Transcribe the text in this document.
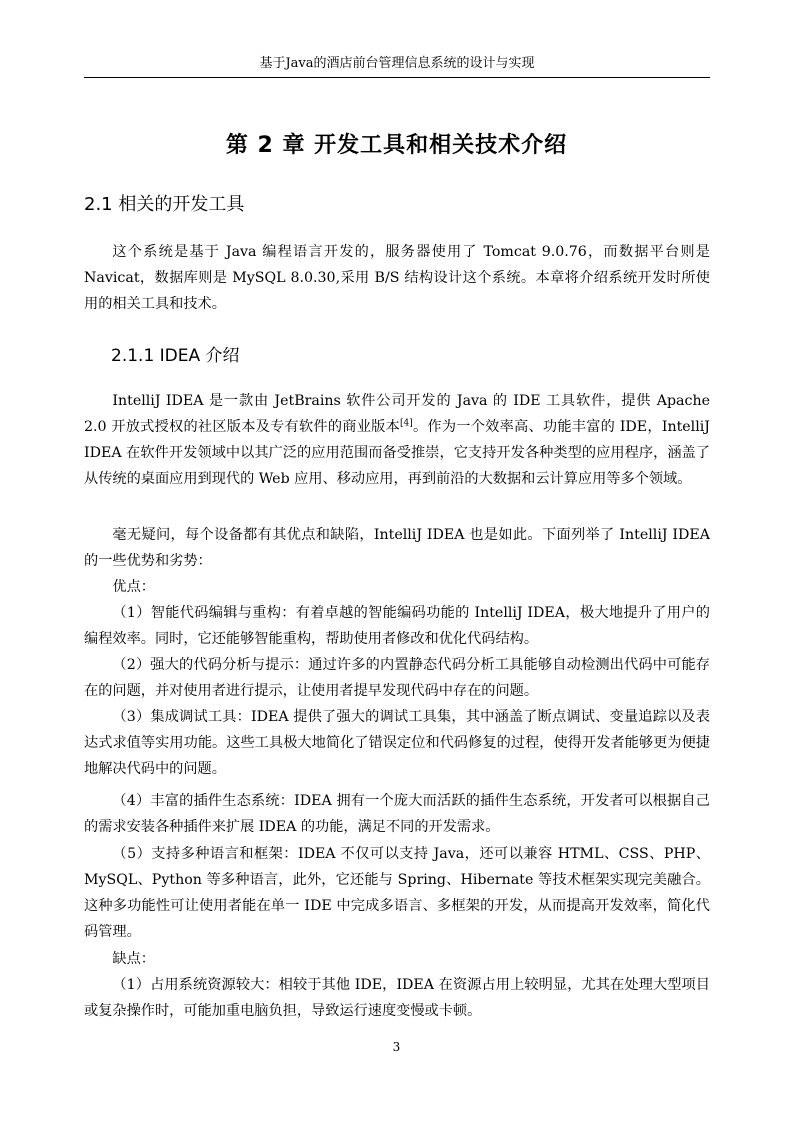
基于Java的酒店前台管理信息系统的设计与实现
第 2 章 开发工具和相关技术介绍
2.1 相关的开发工具

这个系统是基于 Java 编程语言开发的，服务器使用了 Tomcat 9.0.76，而数据平台则是 Navicat，数据库则是 MySQL 8.0.30,采用 B/S 结构设计这个系统。本章将介绍系统开发时所使用的相关工具和技术。

2.1.1 IDEA 介绍

IntelliJ IDEA 是一款由 JetBrains 软件公司开发的 Java 的 IDE 工具软件，提供 Apache 2.0 开放式授权的社区版本及专有软件的商业版本[4]。作为一个效率高、功能丰富的 IDE，IntelliJ IDEA 在软件开发领域中以其广泛的应用范围而备受推崇，它支持开发各种类型的应用程序，涵盖了从传统的桌面应用到现代的 Web 应用、移动应用，再到前沿的大数据和云计算应用等多个领域。

毫无疑问，每个设备都有其优点和缺陷，IntelliJ IDEA 也是如此。下面列举了 IntelliJ IDEA 的一些优势和劣势：

优点：

（1）智能代码编辑与重构：有着卓越的智能编码功能的 IntelliJ IDEA，极大地提升了用户的编程效率。同时，它还能够智能重构，帮助使用者修改和优化代码结构。

（2）强大的代码分析与提示：通过许多的内置静态代码分析工具能够自动检测出代码中可能存在的问题，并对使用者进行提示，让使用者提早发现代码中存在的问题。

（3）集成调试工具：IDEA 提供了强大的调试工具集，其中涵盖了断点调试、变量追踪以及表达式求值等实用功能。这些工具极大地简化了错误定位和代码修复的过程，使得开发者能够更为便捷地解决代码中的问题。

（4）丰富的插件生态系统：IDEA 拥有一个庞大而活跃的插件生态系统，开发者可以根据自己的需求安装各种插件来扩展 IDEA 的功能，满足不同的开发需求。

（5）支持多种语言和框架：IDEA 不仅可以支持 Java，还可以兼容 HTML、CSS、PHP、MySQL、Python 等多种语言，此外，它还能与 Spring、Hibernate 等技术框架实现完美融合。这种多功能性可让使用者能在单一 IDE 中完成多语言、多框架的开发，从而提高开发效率，简化代码管理。

缺点：

（1）占用系统资源较大：相较于其他 IDE，IDEA 在资源占用上较明显，尤其在处理大型项目或复杂操作时，可能加重电脑负担，导致运行速度变慢或卡顿。

3
